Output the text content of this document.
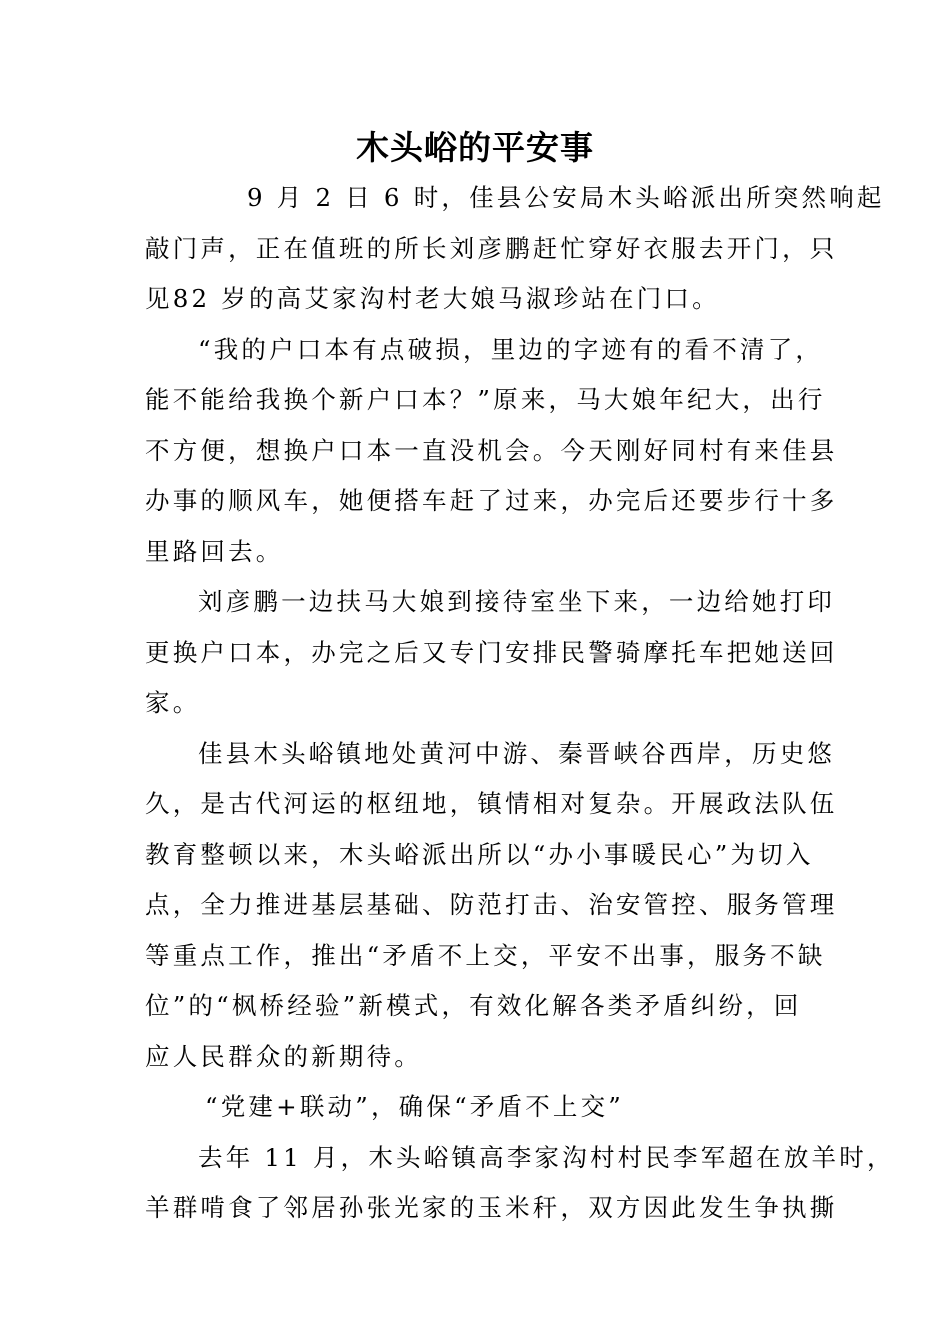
木头峪的平安事
9 月 2 日 6 时，佳县公安局木头峪派出所突然响起
敲门声，正在值班的所长刘彦鹏赶忙穿好衣服去开门，只
见82 岁的高艾家沟村老大娘马淑珍站在门口。
“我的户口本有点破损，里边的字迹有的看不清了，
能不能给我换个新户口本？”原来，马大娘年纪大，出行
不方便，想换户口本一直没机会。今天刚好同村有来佳县
办事的顺风车，她便搭车赶了过来，办完后还要步行十多
里路回去。
刘彦鹏一边扶马大娘到接待室坐下来，一边给她打印
更换户口本，办完之后又专门安排民警骑摩托车把她送回
家。
佳县木头峪镇地处黄河中游、秦晋峡谷西岸，历史悠
久，是古代河运的枢纽地，镇情相对复杂。开展政法队伍
教育整顿以来，木头峪派出所以“办小事暖民心”为切入
点，全力推进基层基础、防范打击、治安管控、服务管理
等重点工作，推出“矛盾不上交，平安不出事，服务不缺
位”的“枫桥经验”新模式，有效化解各类矛盾纠纷，回
应人民群众的新期待。
“党建+联动”，确保“矛盾不上交”
去年 11 月，木头峪镇高李家沟村村民李军超在放羊时，
羊群啃食了邻居孙张光家的玉米秆，双方因此发生争执撕
